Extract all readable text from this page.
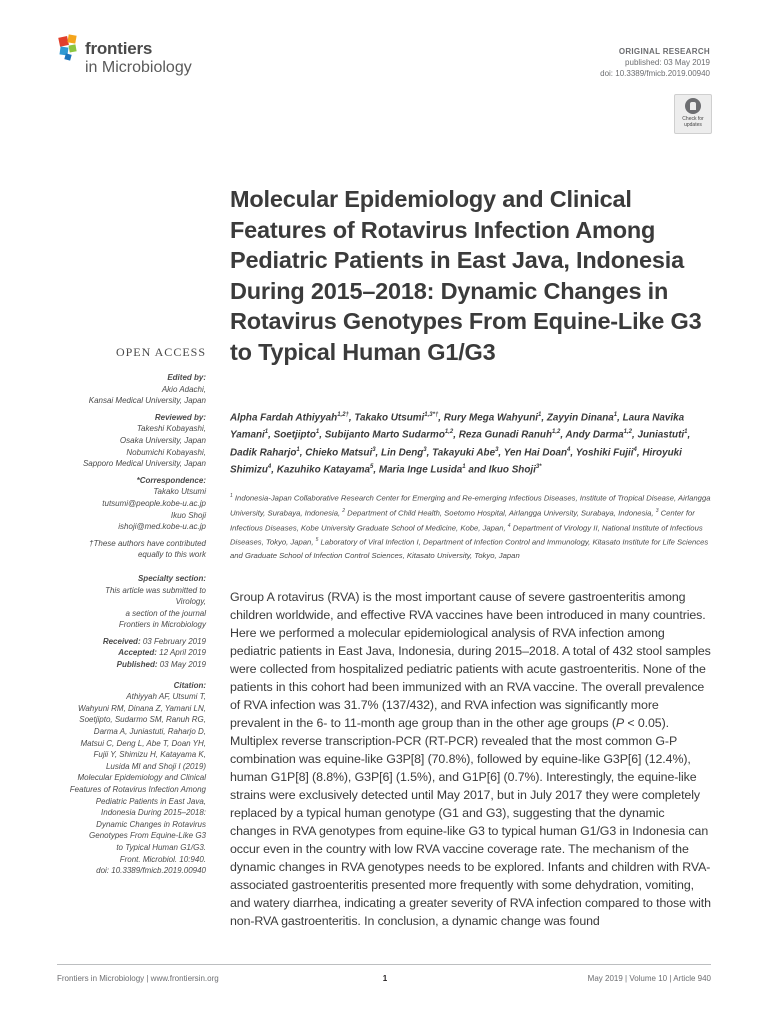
frontiers
in Microbiology
ORIGINAL RESEARCH
published: 03 May 2019
doi: 10.3389/fmicb.2019.00940
Check for
updates
Molecular Epidemiology and Clinical Features of Rotavirus Infection Among Pediatric Patients in East Java, Indonesia During 2015–2018: Dynamic Changes in Rotavirus Genotypes From Equine-Like G3 to Typical Human G1/G3
OPEN ACCESS
Edited by:
Akio Adachi,
Kansai Medical University, Japan
Reviewed by:
Takeshi Kobayashi,
Osaka University, Japan
Nobumichi Kobayashi,
Sapporo Medical University, Japan
*Correspondence:
Takako Utsumi
tutsumi@people.kobe-u.ac.jp
Ikuo Shoji
ishoji@med.kobe-u.ac.jp
†These authors have contributed
equally to this work
Specialty section:
This article was submitted to
Virology,
a section of the journal
Frontiers in Microbiology
Received: 03 February 2019
Accepted: 12 April 2019
Published: 03 May 2019
Citation:
Athiyyah AF, Utsumi T,
Wahyuni RM, Dinana Z, Yamani LN,
Soetjipto, Sudarmo SM, Ranuh RG,
Darma A, Juniastuti, Raharjo D,
Matsui C, Deng L, Abe T, Doan YH,
Fujii Y, Shimizu H, Katayama K,
Lusida MI and Shoji I (2019)
Molecular Epidemiology and Clinical
Features of Rotavirus Infection Among
Pediatric Patients in East Java,
Indonesia During 2015–2018:
Dynamic Changes in Rotavirus
Genotypes From Equine-Like G3
to Typical Human G1/G3.
Front. Microbiol. 10:940.
doi: 10.3389/fmicb.2019.00940
Alpha Fardah Athiyyah$^{1,2\dagger}$, Takako Utsumi$^{1,3*\dagger}$, Rury Mega Wahyuni$^1$, Zayyin Dinana$^1$, Laura Navika Yamani$^1$, Soetjipto$^1$, Subijanto Marto Sudarmo$^{1,2}$, Reza Gunadi Ranuh$^{1,2}$, Andy Darma$^{1,2}$, Juniastuti$^1$, Dadik Raharjo$^1$, Chieko Matsui$^3$, Lin Deng$^3$, Takayuki Abe$^3$, Yen Hai Doan$^4$, Yoshiki Fujii$^4$, Hiroyuki Shimizu$^4$, Kazuhiko Katayama$^5$, Maria Inge Lusida$^1$ and Ikuo Shoji$^{3*}$
$^1$ Indonesia-Japan Collaborative Research Center for Emerging and Re-emerging Infectious Diseases, Institute of Tropical Disease, Airlangga University, Surabaya, Indonesia, $^2$ Department of Child Health, Soetomo Hospital, Airlangga University, Surabaya, Indonesia, $^3$ Center for Infectious Diseases, Kobe University Graduate School of Medicine, Kobe, Japan, $^4$ Department of Virology II, National Institute of Infectious Diseases, Tokyo, Japan, $^5$ Laboratory of Viral Infection I, Department of Infection Control and Immunology, Kitasato Institute for Life Sciences and Graduate School of Infection Control Sciences, Kitasato University, Tokyo, Japan

Group A rotavirus (RVA) is the most important cause of severe gastroenteritis among children worldwide, and effective RVA vaccines have been introduced in many countries. Here we performed a molecular epidemiological analysis of RVA infection among pediatric patients in East Java, Indonesia, during 2015–2018. A total of 432 stool samples were collected from hospitalized pediatric patients with acute gastroenteritis. None of the patients in this cohort had been immunized with an RVA vaccine. The overall prevalence of RVA infection was 31.7% (137/432), and RVA infection was significantly more prevalent in the 6- to 11-month age group than in the other age groups (P < 0.05). Multiplex reverse transcription-PCR (RT-PCR) revealed that the most common G-P combination was equine-like G3P[8] (70.8%), followed by equine-like G3P[6] (12.4%), human G1P[8] (8.8%), G3P[6] (1.5%), and G1P[6] (0.7%). Interestingly, the equine-like strains were exclusively detected until May 2017, but in July 2017 they were completely replaced by a typical human genotype (G1 and G3), suggesting that the dynamic changes in RVA genotypes from equine-like G3 to typical human G1/G3 in Indonesia can occur even in the country with low RVA vaccine coverage rate. The mechanism of the dynamic changes in RVA genotypes needs to be explored. Infants and children with RVA-associated gastroenteritis presented more frequently with some dehydration, vomiting, and watery diarrhea, indicating a greater severity of RVA infection compared to those with non-RVA gastroenteritis. In conclusion, a dynamic change was found

Frontiers in Microbiology | www.frontiersin.org	1	May 2019 | Volume 10 | Article 940
